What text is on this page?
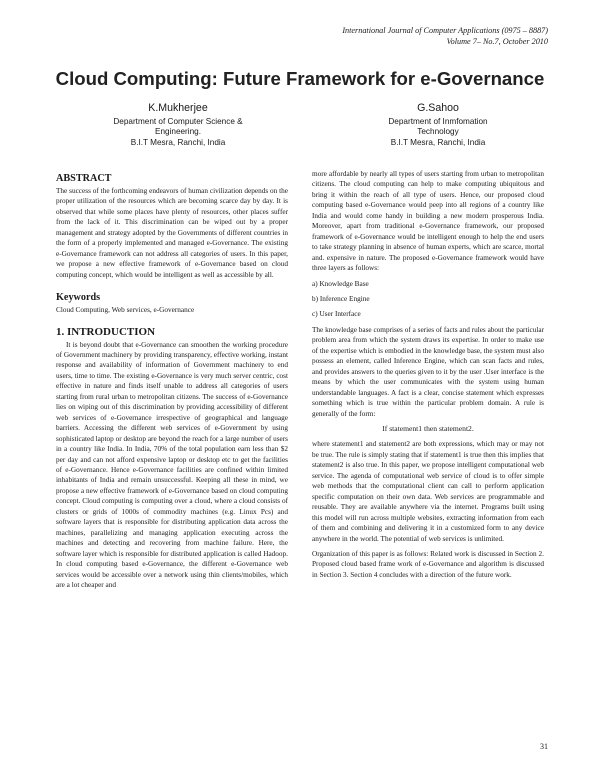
International Journal of Computer Applications (0975 – 8887)
Volume 7– No.7, October 2010
Cloud Computing: Future Framework for e-Governance
K.Mukherjee
Department of Computer Science &
Engineering.
B.I.T Mesra, Ranchi, India
G.Sahoo
Department of Inmfomation
Technology
B.I.T Mesra, Ranchi, India
ABSTRACT

The success of the forthcoming endeavors of human civilization depends on the proper utilization of the resources which are becoming scarce day by day. It is observed that while some places have plenty of resources, other places suffer from the lack of it. This discrimination can be wiped out by a proper management and strategy adopted by the Governments of different countries in the form of a properly implemented and managed e-Governance. The existing e-Governance framework can not address all categories of users. In this paper, we propose a new effective framework of e-Governance based on cloud computing concept, which would be intelligent as well as accessible by all.

Keywords

Cloud Computing, Web services, e-Governance

1. INTRODUCTION

It is beyond doubt that e-Governance can smoothen the working procedure of Government machinery by providing transparency, effective working, instant response and availability of information of Government machinery to end users, time to time. The existing e-Governance is very much server centric, cost effective in nature and finds itself unable to address all categories of users starting from rural urban to metropolitan citizens. The success of e-Governance lies on wiping out of this discrimination by providing accessibility of different web services of e-Governance irrespective of geographical and language barriers. Accessing the different web services of e-Government by using sophisticated laptop or desktop are beyond the reach for a large number of users in a country like India. In India, 70% of the total population earn less than $2 per day and can not afford expensive laptop or desktop etc to get the facilities of e-Governance. Hence e-Governance facilities are confined within limited inhabitants of India and remain unsuccessful. Keeping all these in mind, we propose a new effective framework of e-Governance based on cloud computing concept. Cloud computing is computing over a cloud, where a cloud consists of clusters or grids of 1000s of commodity machines (e.g. Linux Pcs) and software layers that is responsible for distributing application data across the machines, parallelizing and managing application executing across the machines and detecting and recovering from machine failure. Here, the software layer which is responsible for distributed application is called Hadoop. In cloud computing based e-Governance, the different e-Governance web services would be accessible over a network using thin clients/mobiles, which are a lot cheaper and

more affordable by nearly all types of users starting from urban to metropolitan citizens. The cloud computing can help to make computing ubiquitous and bring it within the reach of all type of users. Hence, our proposed cloud computing based e-Governance would peep into all regions of a country like India and would come handy in building a new modern prosperous India. Moreover, apart from traditional e-Governance framework, our proposed framework of e-Governance would be intelligent enough to help the end users to take strategy planning in absence of human experts, which are scarce, mortal and. expensive in nature. The proposed e-Governance framework would have three layers as follows:

a) Knowledge Base
b) Inference Engine
c) User Interface

The knowledge base comprises of a series of facts and rules about the particular problem area from which the system draws its expertise. In order to make use of the expertise which is embodied in the knowledge base, the system must also possess an element, called Inference Engine, which can scan facts and rules, and provides answers to the queries given to it by the user .User interface is the means by which the user communicates with the system using human understandable languages. A fact is a clear, concise statement which expresses something which is true within the particular problem domain. A rule is generally of the form:

If statement1 then statement2.

where statement1 and statement2 are both expressions, which may or may not be true. The rule is simply stating that if statement1 is true then this implies that statement2 is also true. In this paper, we propose intelligent computational web service. The agenda of computational web service of cloud is to offer simple web methods that the computational client can call to perform application specific computation on their own data. Web services are programmable and reusable. They are available anywhere via the internet. Programs built using this model will run across multiple websites, extracting information from each of them and combining and delivering it in a customized form to any device anywhere in the world. The potential of web services is unlimited.

Organization of this paper is as follows: Related work is discussed in Section 2. Proposed cloud based frame work of e-Governance and algorithm is discussed in Section 3. Section 4 concludes with a direction of the future work.

31
